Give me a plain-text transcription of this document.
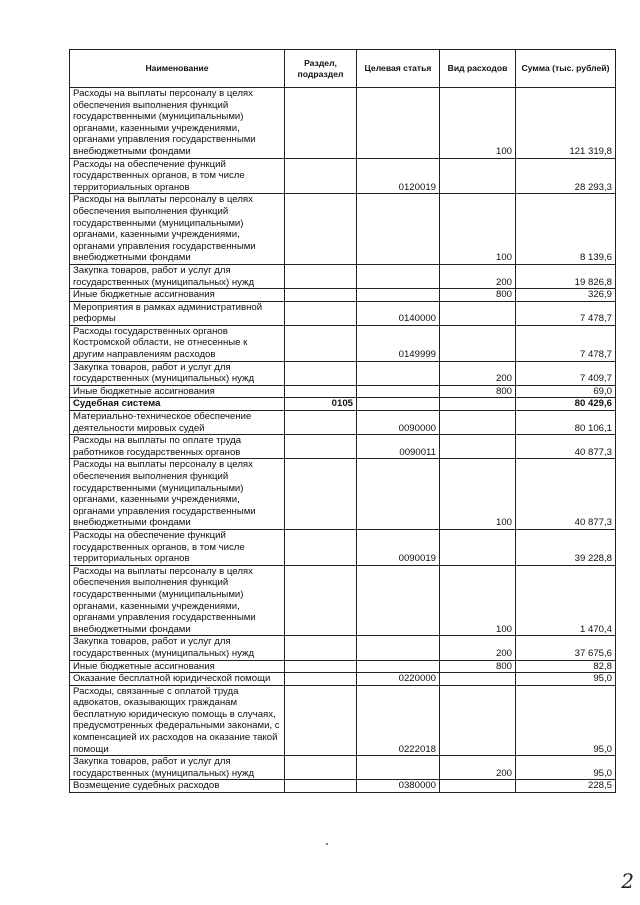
Наименование	Раздел, подраздел	Целевая статья	Вид расходов	Сумма (тыс. рублей)
Расходы на выплаты персоналу в целях обеспечения выполнения функций государственными (муниципальными) органами, казенными учреждениями, органами управления государственными внебюджетными фондами			100	121 319,8
Расходы на обеспечение функций государственных органов, в том числе территориальных органов		0120019		28 293,3
Расходы на выплаты персоналу в целях обеспечения выполнения функций государственными (муниципальными) органами, казенными учреждениями, органами управления государственными внебюджетными фондами			100	8 139,6
Закупка товаров, работ и услуг для государственных (муниципальных) нужд			200	19 826,8
Иные бюджетные ассигнования			800	326,9
Мероприятия в рамках административной реформы		0140000		7 478,7
Расходы государственных органов Костромской области, не отнесенные к другим направлениям расходов		0149999		7 478,7
Закупка товаров, работ и услуг для государственных (муниципальных) нужд			200	7 409,7
Иные бюджетные ассигнования			800	69,0
Судебная система	0105			80 429,6
Материально-техническое обеспечение деятельности мировых судей		0090000		80 106,1
Расходы на выплаты по оплате труда работников государственных органов		0090011		40 877,3
Расходы на выплаты персоналу в целях обеспечения выполнения функций государственными (муниципальными) органами, казенными учреждениями, органами управления государственными внебюджетными фондами			100	40 877,3
Расходы на обеспечение функций государственных органов, в том числе территориальных органов		0090019		39 228,8
Расходы на выплаты персоналу в целях обеспечения выполнения функций государственными (муниципальными) органами, казенными учреждениями, органами управления государственными внебюджетными фондами			100	1 470,4
Закупка товаров, работ и услуг для государственных (муниципальных) нужд			200	37 675,6
Иные бюджетные ассигнования			800	82,8
Оказание бесплатной юридической помощи		0220000		95,0
Расходы, связанные с оплатой труда адвокатов, оказывающих гражданам бесплатную юридическую помощь в случаях, предусмотренных федеральными законами, с компенсацией их расходов на оказание такой помощи		0222018		95,0
Закупка товаров, работ и услуг для государственных (муниципальных) нужд			200	95,0
Возмещение судебных расходов		0380000		228,5
2
